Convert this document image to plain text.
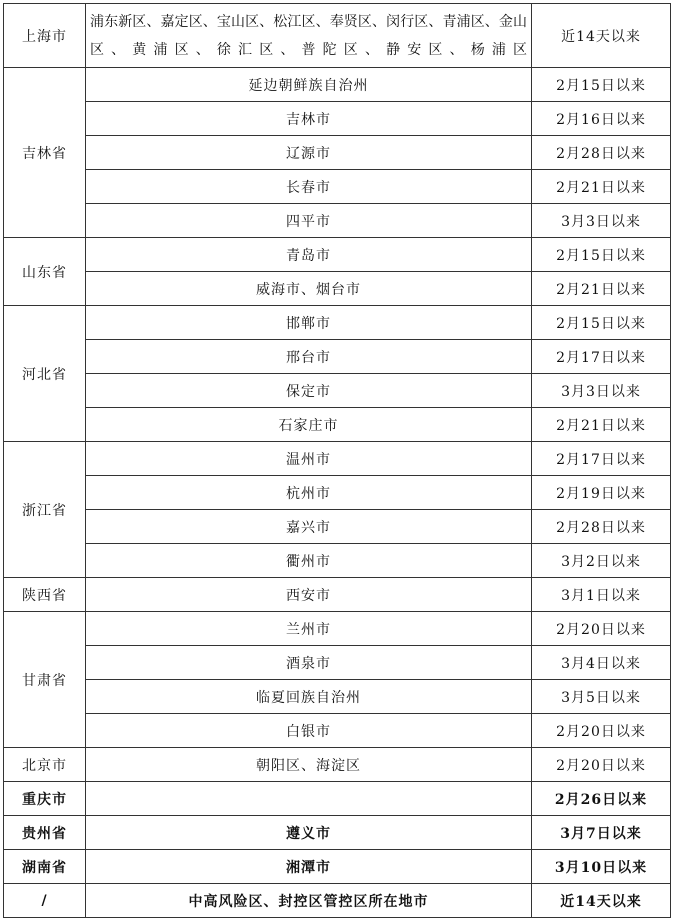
上海市	浦东新区、嘉定区、宝山区、松江区、奉贤区、闵行区、青浦区、金山区、黄浦区、徐汇区、普陀区、静安区、杨浦区	近14天以来
吉林省	延边朝鲜族自治州	2月15日以来
	吉林市	2月16日以来
	辽源市	2月28日以来
	长春市	2月21日以来
	四平市	3月3日以来
山东省	青岛市	2月15日以来
	威海市、烟台市	2月21日以来
河北省	邯郸市	2月15日以来
	邢台市	2月17日以来
	保定市	3月3日以来
	石家庄市	2月21日以来
浙江省	温州市	2月17日以来
	杭州市	2月19日以来
	嘉兴市	2月28日以来
	衢州市	3月2日以来
陕西省	西安市	3月1日以来
甘肃省	兰州市	2月20日以来
	酒泉市	3月4日以来
	临夏回族自治州	3月5日以来
	白银市	2月20日以来
北京市	朝阳区、海淀区	2月20日以来
重庆市		2月26日以来
贵州省	遵义市	3月7日以来
湖南省	湘潭市	3月10日以来
/	中高风险区、封控区管控区所在地市	近14天以来
